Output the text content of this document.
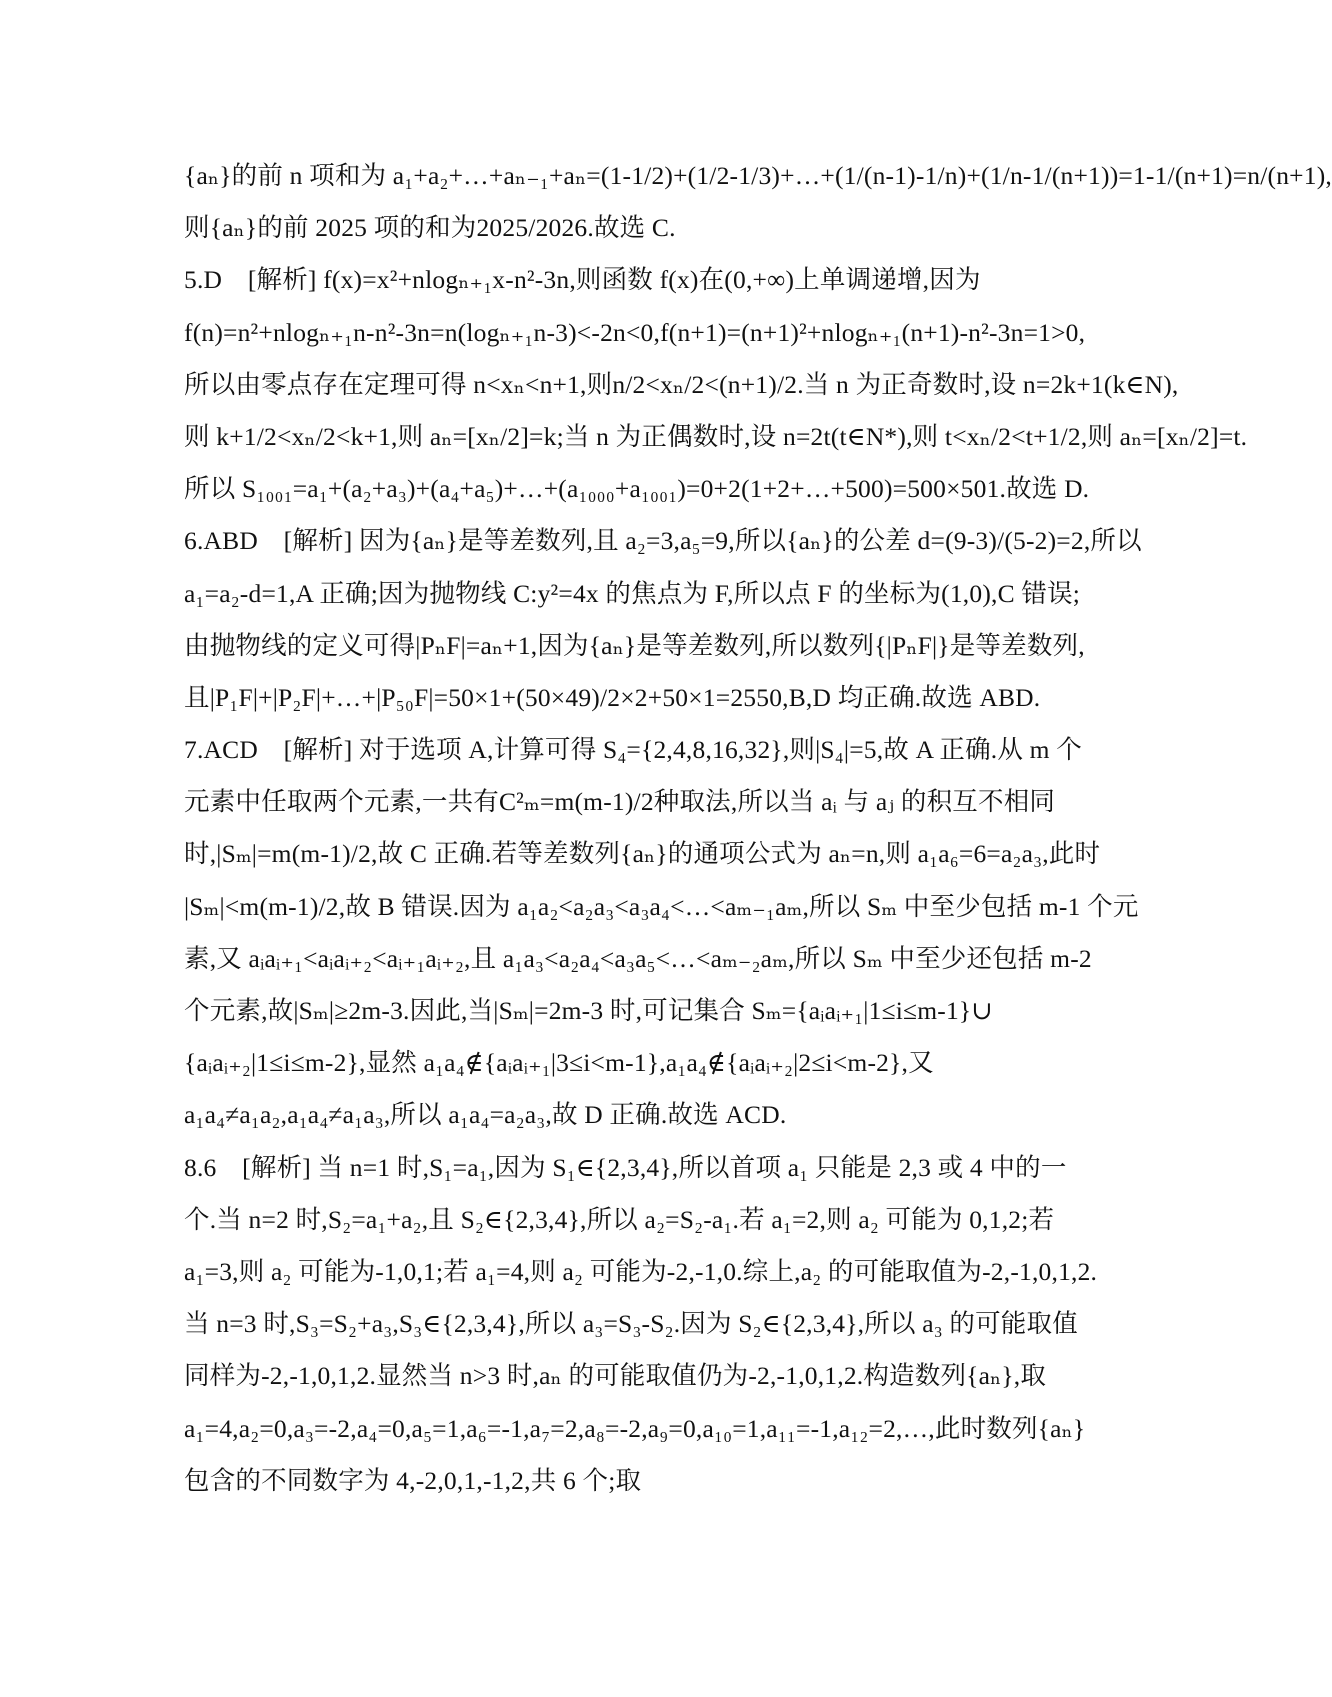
{aₙ}的前 n 项和为 a₁+a₂+…+aₙ₋₁+aₙ=(1-1/2)+(1/2-1/3)+…+(1/(n-1)-1/n)+(1/n-1/(n+1))=1-1/(n+1)=n/(n+1),
则{aₙ}的前 2025 项的和为2025/2026.故选 C.
5.D　[解析] f(x)=x²+nlogₙ₊₁x-n²-3n,则函数 f(x)在(0,+∞)上单调递增,因为
f(n)=n²+nlogₙ₊₁n-n²-3n=n(logₙ₊₁n-3)<-2n<0,f(n+1)=(n+1)²+nlogₙ₊₁(n+1)-n²-3n=1>0,
所以由零点存在定理可得 n<xₙ<n+1,则n/2<xₙ/2<(n+1)/2.当 n 为正奇数时,设 n=2k+1(k∈N),
则 k+1/2<xₙ/2<k+1,则 aₙ=[xₙ/2]=k;当 n 为正偶数时,设 n=2t(t∈N*),则 t<xₙ/2<t+1/2,则 aₙ=[xₙ/2]=t.
所以 S₁₀₀₁=a₁+(a₂+a₃)+(a₄+a₅)+…+(a₁₀₀₀+a₁₀₀₁)=0+2(1+2+…+500)=500×501.故选 D.
6.ABD　[解析] 因为{aₙ}是等差数列,且 a₂=3,a₅=9,所以{aₙ}的公差 d=(9-3)/(5-2)=2,所以
a₁=a₂-d=1,A 正确;因为抛物线 C:y²=4x 的焦点为 F,所以点 F 的坐标为(1,0),C 错误;
由抛物线的定义可得|PₙF|=aₙ+1,因为{aₙ}是等差数列,所以数列{|PₙF|}是等差数列,
且|P₁F|+|P₂F|+…+|P₅₀F|=50×1+(50×49)/2×2+50×1=2550,B,D 均正确.故选 ABD.
7.ACD　[解析] 对于选项 A,计算可得 S₄={2,4,8,16,32},则|S₄|=5,故 A 正确.从 m 个
元素中任取两个元素,一共有C²ₘ=m(m-1)/2种取法,所以当 aᵢ 与 aⱼ 的积互不相同
时,|Sₘ|=m(m-1)/2,故 C 正确.若等差数列{aₙ}的通项公式为 aₙ=n,则 a₁a₆=6=a₂a₃,此时
|Sₘ|<m(m-1)/2,故 B 错误.因为 a₁a₂<a₂a₃<a₃a₄<…<aₘ₋₁aₘ,所以 Sₘ 中至少包括 m-1 个元
素,又 aᵢaᵢ₊₁<aᵢaᵢ₊₂<aᵢ₊₁aᵢ₊₂,且 a₁a₃<a₂a₄<a₃a₅<…<aₘ₋₂aₘ,所以 Sₘ 中至少还包括 m-2
个元素,故|Sₘ|≥2m-3.因此,当|Sₘ|=2m-3 时,可记集合 Sₘ={aᵢaᵢ₊₁|1≤i≤m-1}∪
{aᵢaᵢ₊₂|1≤i≤m-2},显然 a₁a₄∉{aᵢaᵢ₊₁|3≤i<m-1},a₁a₄∉{aᵢaᵢ₊₂|2≤i<m-2},又
a₁a₄≠a₁a₂,a₁a₄≠a₁a₃,所以 a₁a₄=a₂a₃,故 D 正确.故选 ACD.
8.6　[解析] 当 n=1 时,S₁=a₁,因为 S₁∈{2,3,4},所以首项 a₁ 只能是 2,3 或 4 中的一
个.当 n=2 时,S₂=a₁+a₂,且 S₂∈{2,3,4},所以 a₂=S₂-a₁.若 a₁=2,则 a₂ 可能为 0,1,2;若
a₁=3,则 a₂ 可能为-1,0,1;若 a₁=4,则 a₂ 可能为-2,-1,0.综上,a₂ 的可能取值为-2,-1,0,1,2.
当 n=3 时,S₃=S₂+a₃,S₃∈{2,3,4},所以 a₃=S₃-S₂.因为 S₂∈{2,3,4},所以 a₃ 的可能取值
同样为-2,-1,0,1,2.显然当 n>3 时,aₙ 的可能取值仍为-2,-1,0,1,2.构造数列{aₙ},取
a₁=4,a₂=0,a₃=-2,a₄=0,a₅=1,a₆=-1,a₇=2,a₈=-2,a₉=0,a₁₀=1,a₁₁=-1,a₁₂=2,…,此时数列{aₙ}
包含的不同数字为 4,-2,0,1,-1,2,共 6 个;取
